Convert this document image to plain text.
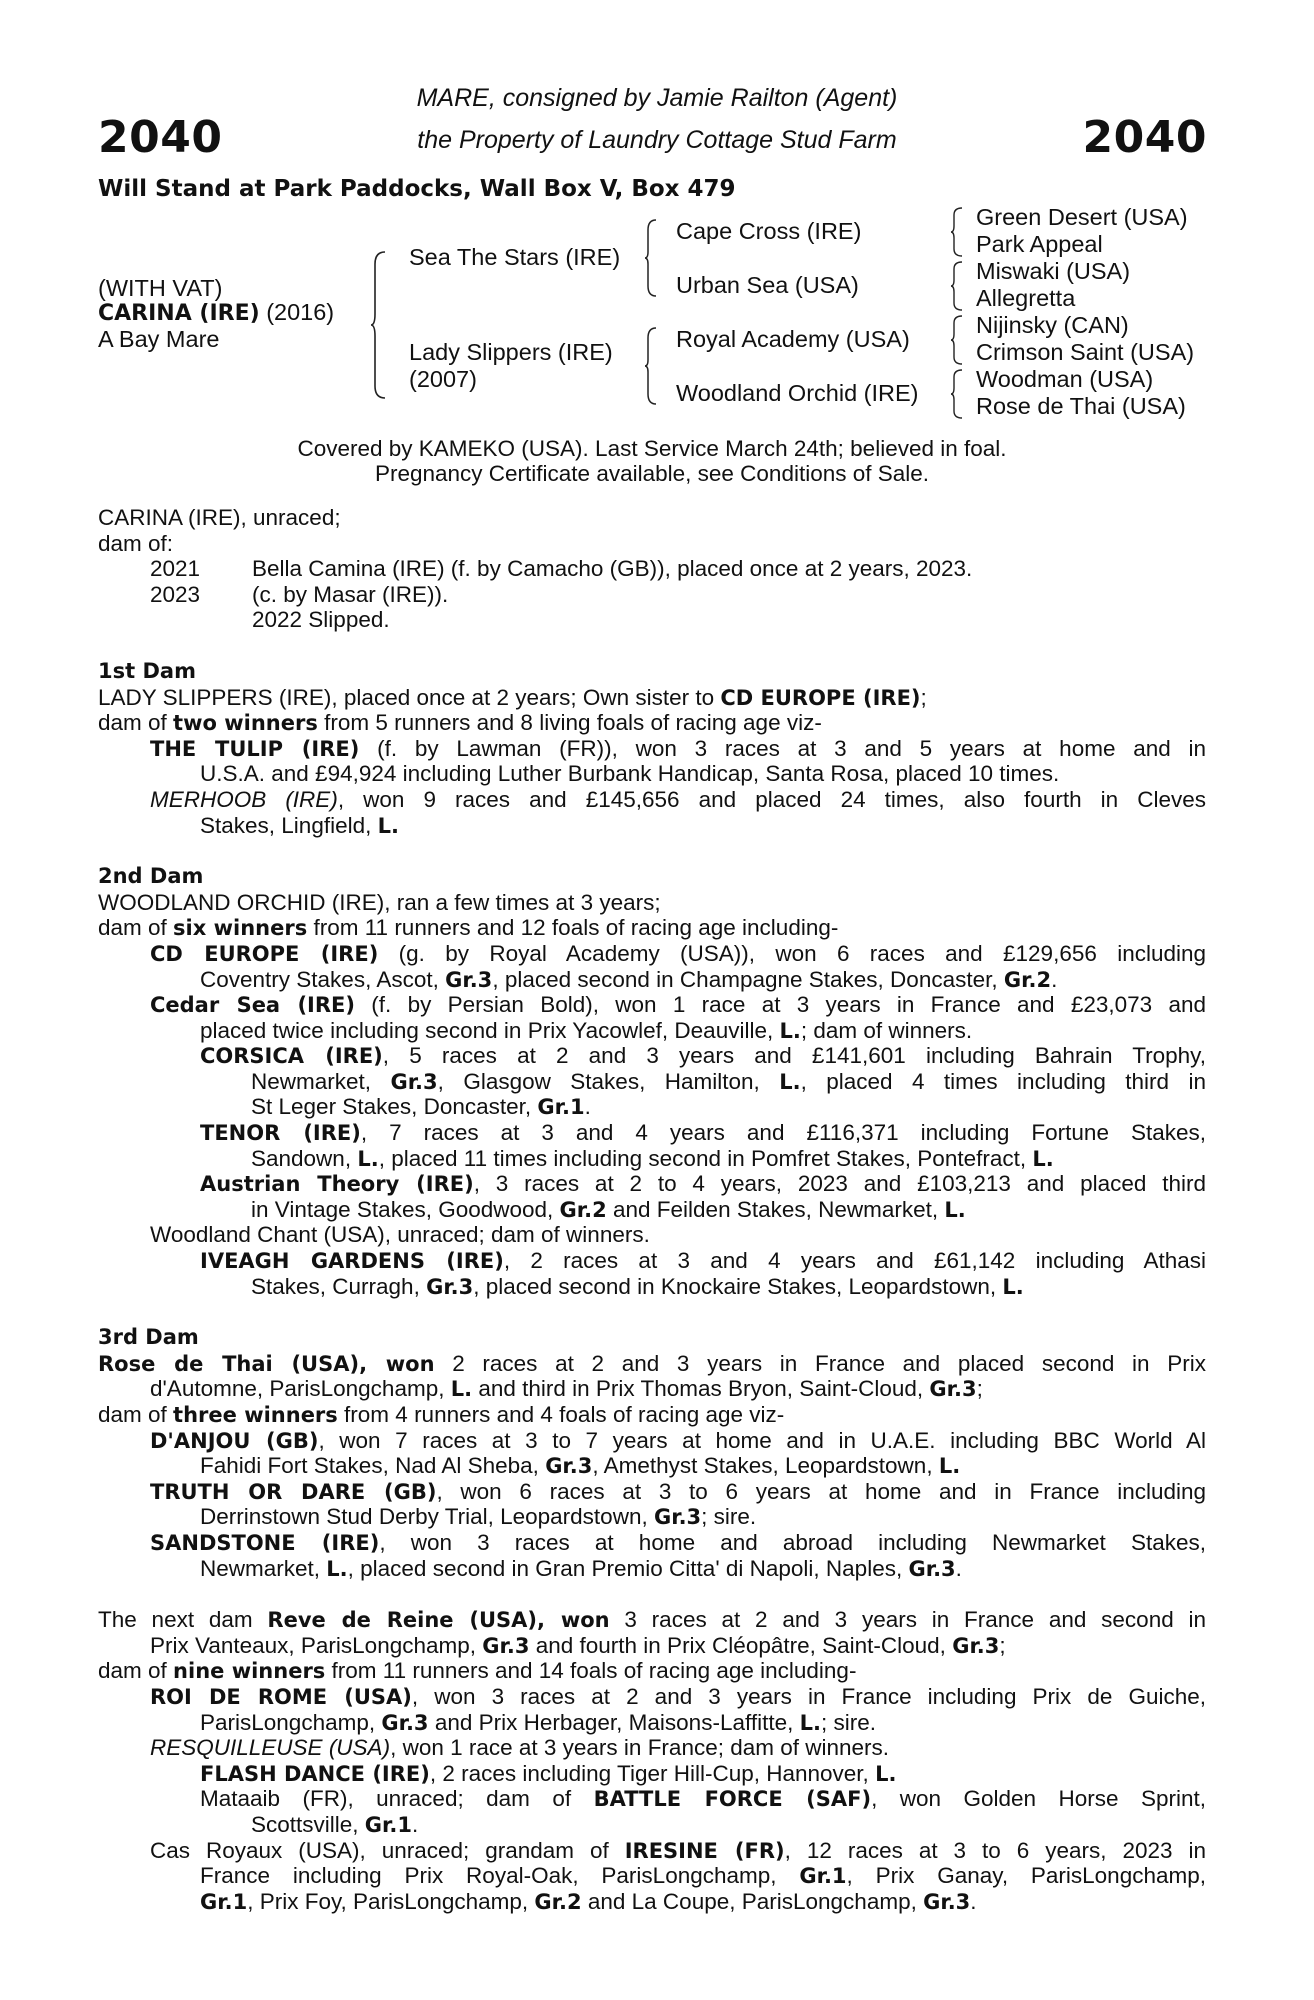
2040	2040
MARE, consigned by Jamie Railton (Agent)
the Property of Laundry Cottage Stud Farm
Will Stand at Park Paddocks, Wall Box V, Box 479
(WITH VAT)
CARINA (IRE) (2016)
A Bay Mare
Sea The Stars (IRE)
Lady Slippers (IRE)
(2007)
Cape Cross (IRE)
Urban Sea (USA)
Royal Academy (USA)
Woodland Orchid (IRE)
Green Desert (USA)
Park Appeal
Miswaki (USA)
Allegretta
Nijinsky (CAN)
Crimson Saint (USA)
Woodman (USA)
Rose de Thai (USA)
Covered by KAMEKO (USA). Last Service March 24th; believed in foal.
Pregnancy Certificate available, see Conditions of Sale.
CARINA (IRE), unraced;
dam of:
2021 Bella Camina (IRE) (f. by Camacho (GB)), placed once at 2 years, 2023.
2023 (c. by Masar (IRE)).
2022 Slipped.
1st Dam
LADY SLIPPERS (IRE), placed once at 2 years; Own sister to CD EUROPE (IRE);
dam of two winners from 5 runners and 8 living foals of racing age viz-
THE TULIP (IRE) (f. by Lawman (FR)), won 3 races at 3 and 5 years at home and in
U.S.A. and £94,924 including Luther Burbank Handicap, Santa Rosa, placed 10 times.
MERHOOB (IRE), won 9 races and £145,656 and placed 24 times, also fourth in Cleves
Stakes, Lingfield, L.
2nd Dam
WOODLAND ORCHID (IRE), ran a few times at 3 years;
dam of six winners from 11 runners and 12 foals of racing age including-
CD EUROPE (IRE) (g. by Royal Academy (USA)), won 6 races and £129,656 including
Coventry Stakes, Ascot, Gr.3, placed second in Champagne Stakes, Doncaster, Gr.2.
Cedar Sea (IRE) (f. by Persian Bold), won 1 race at 3 years in France and £23,073 and
placed twice including second in Prix Yacowlef, Deauville, L.; dam of winners.
CORSICA (IRE), 5 races at 2 and 3 years and £141,601 including Bahrain Trophy,
Newmarket, Gr.3, Glasgow Stakes, Hamilton, L., placed 4 times including third in
St Leger Stakes, Doncaster, Gr.1.
TENOR (IRE), 7 races at 3 and 4 years and £116,371 including Fortune Stakes,
Sandown, L., placed 11 times including second in Pomfret Stakes, Pontefract, L.
Austrian Theory (IRE), 3 races at 2 to 4 years, 2023 and £103,213 and placed third
in Vintage Stakes, Goodwood, Gr.2 and Feilden Stakes, Newmarket, L.
Woodland Chant (USA), unraced; dam of winners.
IVEAGH GARDENS (IRE), 2 races at 3 and 4 years and £61,142 including Athasi
Stakes, Curragh, Gr.3, placed second in Knockaire Stakes, Leopardstown, L.
3rd Dam
Rose de Thai (USA), won 2 races at 2 and 3 years in France and placed second in Prix
d'Automne, ParisLongchamp, L. and third in Prix Thomas Bryon, Saint-Cloud, Gr.3;
dam of three winners from 4 runners and 4 foals of racing age viz-
D'ANJOU (GB), won 7 races at 3 to 7 years at home and in U.A.E. including BBC World Al
Fahidi Fort Stakes, Nad Al Sheba, Gr.3, Amethyst Stakes, Leopardstown, L.
TRUTH OR DARE (GB), won 6 races at 3 to 6 years at home and in France including
Derrinstown Stud Derby Trial, Leopardstown, Gr.3; sire.
SANDSTONE (IRE), won 3 races at home and abroad including Newmarket Stakes,
Newmarket, L., placed second in Gran Premio Citta' di Napoli, Naples, Gr.3.
The next dam Reve de Reine (USA), won 3 races at 2 and 3 years in France and second in
Prix Vanteaux, ParisLongchamp, Gr.3 and fourth in Prix Cléopâtre, Saint-Cloud, Gr.3;
dam of nine winners from 11 runners and 14 foals of racing age including-
ROI DE ROME (USA), won 3 races at 2 and 3 years in France including Prix de Guiche,
ParisLongchamp, Gr.3 and Prix Herbager, Maisons-Laffitte, L.; sire.
RESQUILLEUSE (USA), won 1 race at 3 years in France; dam of winners.
FLASH DANCE (IRE), 2 races including Tiger Hill-Cup, Hannover, L.
Mataaib (FR), unraced; dam of BATTLE FORCE (SAF), won Golden Horse Sprint,
Scottsville, Gr.1.
Cas Royaux (USA), unraced; grandam of IRESINE (FR), 12 races at 3 to 6 years, 2023 in
France including Prix Royal-Oak, ParisLongchamp, Gr.1, Prix Ganay, ParisLongchamp,
Gr.1, Prix Foy, ParisLongchamp, Gr.2 and La Coupe, ParisLongchamp, Gr.3.
